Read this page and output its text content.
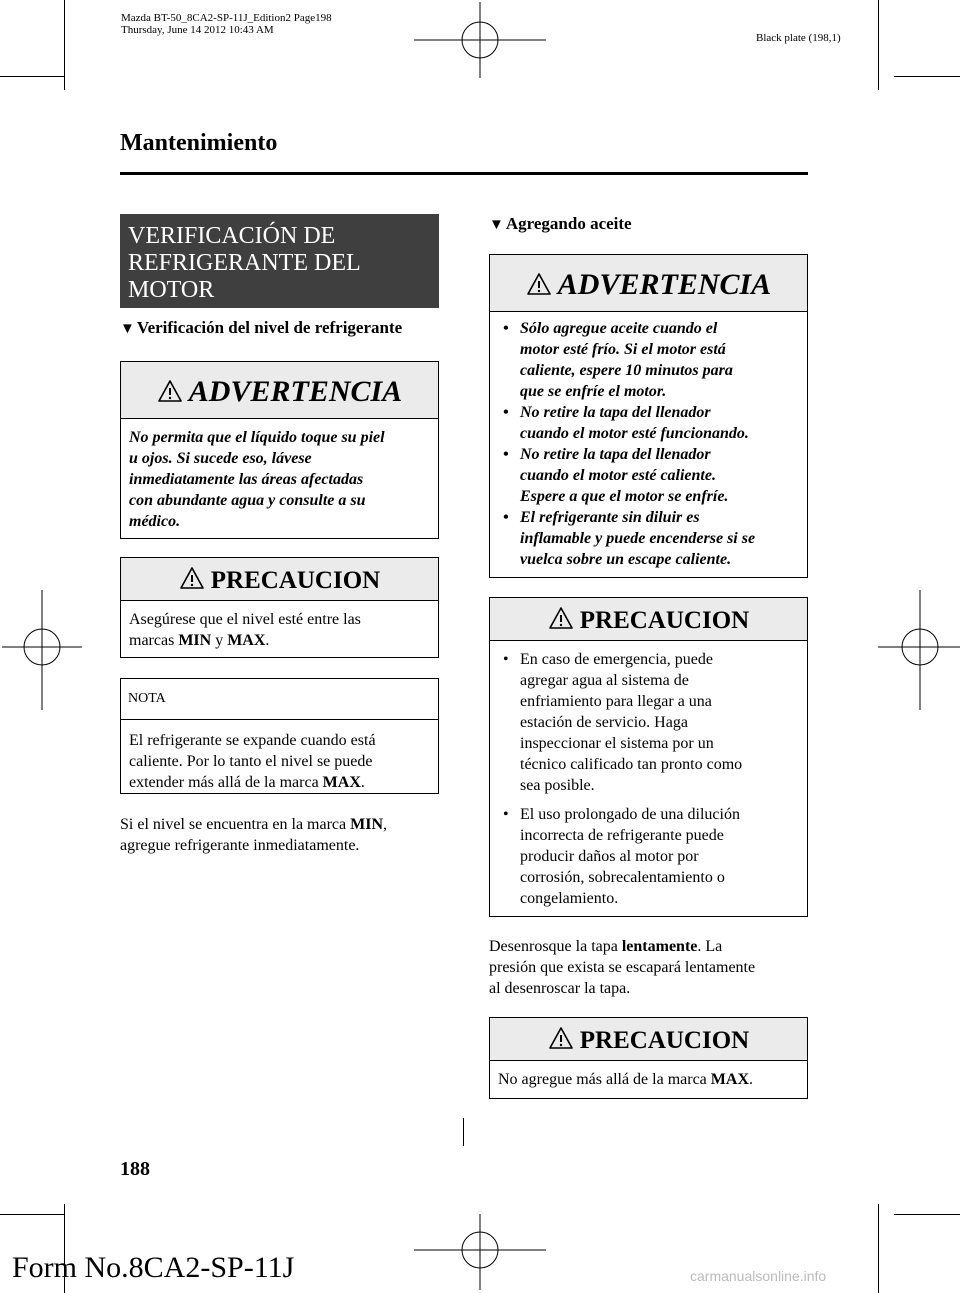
Mazda BT-50_8CA2-SP-11J_Edition2 Page198
Thursday, June 14 2012 10:43 AM
Black plate (198,1)
Mantenimiento
VERIFICACIÓN DE
REFRIGERANTE DEL
MOTOR
▼ Verificación del nivel de refrigerante
ADVERTENCIA
No permita que el líquido toque su piel
u ojos. Si sucede eso, lávese
inmediatamente las áreas afectadas
con abundante agua y consulte a su
médico.
PRECAUCION
Asegúrese que el nivel esté entre las
marcas MIN y MAX.
NOTA
El refrigerante se expande cuando está
caliente. Por lo tanto el nivel se puede
extender más allá de la marca MAX.
Si el nivel se encuentra en la marca MIN,
agregue refrigerante inmediatamente.
▼ Agregando aceite
ADVERTENCIA
• Sólo agregue aceite cuando el
motor esté frío. Si el motor está
caliente, espere 10 minutos para
que se enfríe el motor.
• No retire la tapa del llenador
cuando el motor esté funcionando.
• No retire la tapa del llenador
cuando el motor esté caliente.
Espere a que el motor se enfríe.
• El refrigerante sin diluir es
inflamable y puede encenderse si se
vuelca sobre un escape caliente.
PRECAUCION
• En caso de emergencia, puede
agregar agua al sistema de
enfriamiento para llegar a una
estación de servicio. Haga
inspeccionar el sistema por un
técnico calificado tan pronto como
sea posible.
• El uso prolongado de una dilución
incorrecta de refrigerante puede
producir daños al motor por
corrosión, sobrecalentamiento o
congelamiento.
Desenrosque la tapa lentamente. La
presión que exista se escapará lentamente
al desenroscar la tapa.
PRECAUCION
No agregue más allá de la marca MAX.
188
Form No.8CA2-SP-11J	carmanualsonline.info
